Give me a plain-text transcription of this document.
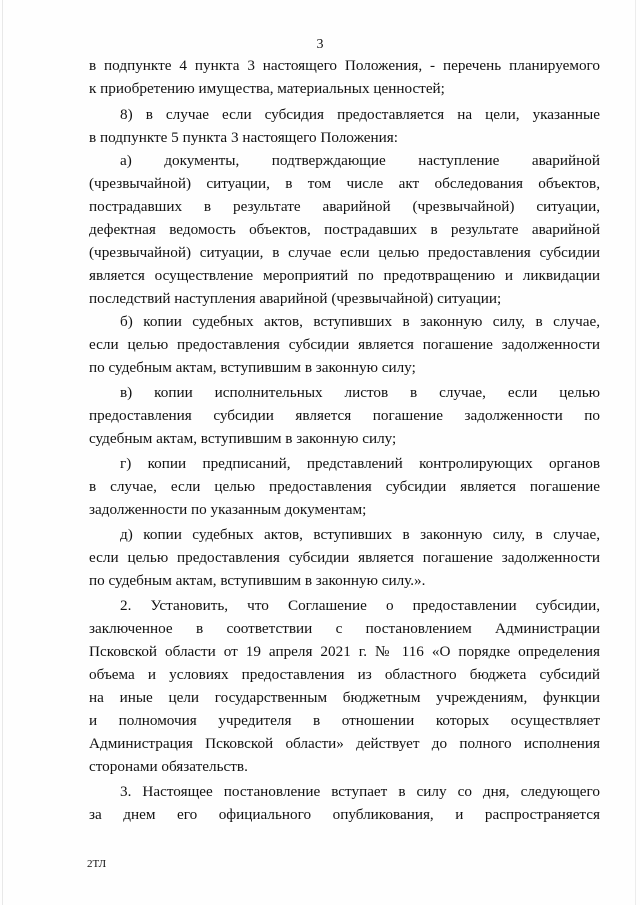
3
в подпункте 4 пункта 3 настоящего Положения, - перечень планируемого
к приобретению имущества, материальных ценностей;
8) в случае если субсидия предоставляется на цели, указанные
в подпункте 5 пункта 3 настоящего Положения:
а) документы, подтверждающие наступление аварийной
(чрезвычайной) ситуации, в том числе акт обследования объектов,
пострадавших в результате аварийной (чрезвычайной) ситуации,
дефектная ведомость объектов, пострадавших в результате аварийной
(чрезвычайной) ситуации, в случае если целью предоставления субсидии
является осуществление мероприятий по предотвращению и ликвидации
последствий наступления аварийной (чрезвычайной) ситуации;
б) копии судебных актов, вступивших в законную силу, в случае,
если целью предоставления субсидии является погашение задолженности
по судебным актам, вступившим в законную силу;
в) копии исполнительных листов в случае, если целью
предоставления субсидии является погашение задолженности по
судебным актам, вступившим в законную силу;
г) копии предписаний, представлений контролирующих органов
в случае, если целью предоставления субсидии является погашение
задолженности по указанным документам;
д) копии судебных актов, вступивших в законную силу, в случае,
если целью предоставления субсидии является погашение задолженности
по судебным актам, вступившим в законную силу.».
2. Установить, что Соглашение о предоставлении субсидии,
заключенное в соответствии с постановлением Администрации
Псковской области от 19 апреля 2021 г. № 116 «О порядке определения
объема и условиях предоставления из областного бюджета субсидий
на иные цели государственным бюджетным учреждениям, функции
и полномочия учредителя в отношении которых осуществляет
Администрация Псковской области» действует до полного исполнения
сторонами обязательств.
3. Настоящее постановление вступает в силу со дня, следующего
за днем его официального опубликования, и распространяется
2ТЛ
